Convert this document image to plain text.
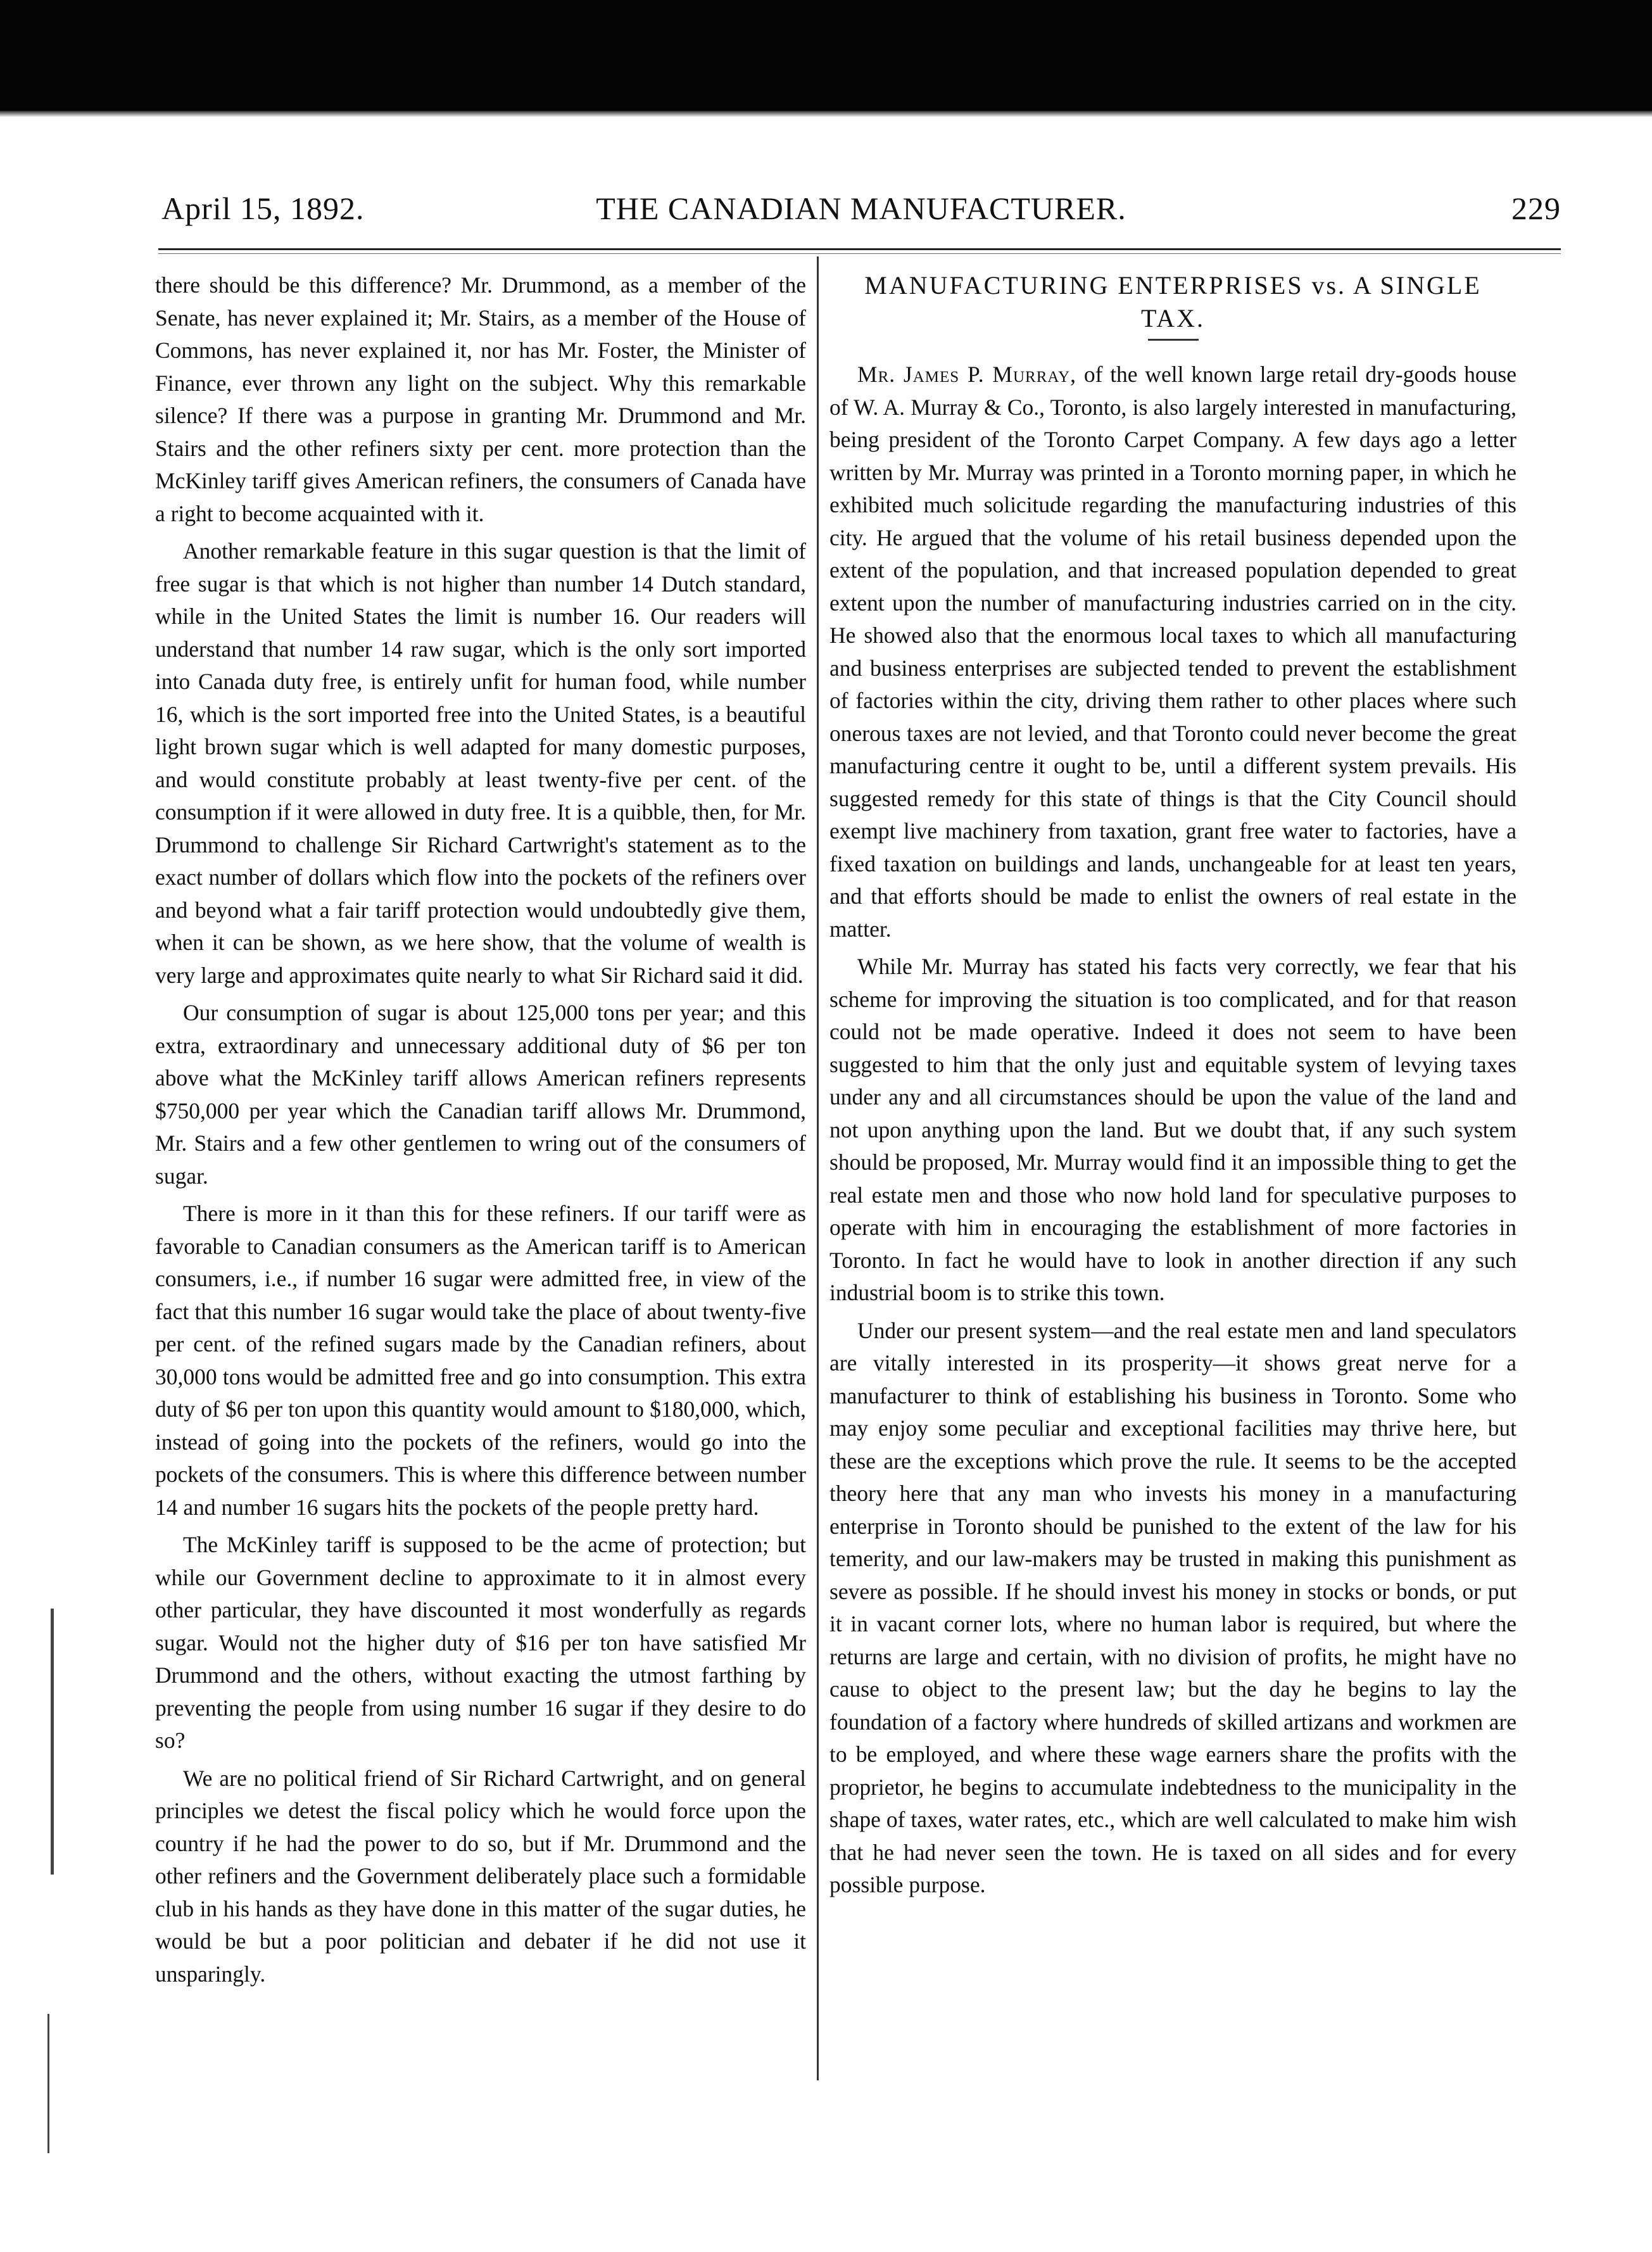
April 15, 1892.	THE CANADIAN MANUFACTURER.	229

there should be this difference? Mr. Drummond, as a member of the Senate, has never explained it; Mr. Stairs, as a member of the House of Commons, has never explained it, nor has Mr. Foster, the Minister of Finance, ever thrown any light on the subject. Why this remarkable silence? If there was a purpose in granting Mr. Drummond and Mr. Stairs and the other refiners sixty per cent. more protection than the McKinley tariff gives American refiners, the consumers of Canada have a right to become acquainted with it.

Another remarkable feature in this sugar question is that the limit of free sugar is that which is not higher than number 14 Dutch standard, while in the United States the limit is number 16. Our readers will understand that number 14 raw sugar, which is the only sort imported into Canada duty free, is entirely unfit for human food, while number 16, which is the sort imported free into the United States, is a beautiful light brown sugar which is well adapted for many domestic purposes, and would constitute probably at least twenty-five per cent. of the consumption if it were allowed in duty free. It is a quibble, then, for Mr. Drummond to challenge Sir Richard Cartwright's statement as to the exact number of dollars which flow into the pockets of the refiners over and beyond what a fair tariff protection would undoubtedly give them, when it can be shown, as we here show, that the volume of wealth is very large and approximates quite nearly to what Sir Richard said it did.

Our consumption of sugar is about 125,000 tons per year; and this extra, extraordinary and unnecessary additional duty of $6 per ton above what the McKinley tariff allows American refiners represents $750,000 per year which the Canadian tariff allows Mr. Drummond, Mr. Stairs and a few other gentlemen to wring out of the consumers of sugar.

There is more in it than this for these refiners. If our tariff were as favorable to Canadian consumers as the American tariff is to American consumers, i.e., if number 16 sugar were admitted free, in view of the fact that this number 16 sugar would take the place of about twenty-five per cent. of the refined sugars made by the Canadian refiners, about 30,000 tons would be admitted free and go into consumption. This extra duty of $6 per ton upon this quantity would amount to $180,000, which, instead of going into the pockets of the refiners, would go into the pockets of the consumers. This is where this difference between number 14 and number 16 sugars hits the pockets of the people pretty hard.

The McKinley tariff is supposed to be the acme of protection; but while our Government decline to approximate to it in almost every other particular, they have discounted it most wonderfully as regards sugar. Would not the higher duty of $16 per ton have satisfied Mr Drummond and the others, without exacting the utmost farthing by preventing the people from using number 16 sugar if they desire to do so?

We are no political friend of Sir Richard Cartwright, and on general principles we detest the fiscal policy which he would force upon the country if he had the power to do so, but if Mr. Drummond and the other refiners and the Government deliberately place such a formidable club in his hands as they have done in this matter of the sugar duties, he would be but a poor politician and debater if he did not use it unsparingly.

MANUFACTURING ENTERPRISES vs. A SINGLE
TAX.

Mr. James P. Murray, of the well known large retail dry-goods house of W. A. Murray & Co., Toronto, is also largely interested in manufacturing, being president of the Toronto Carpet Company. A few days ago a letter written by Mr. Murray was printed in a Toronto morning paper, in which he exhibited much solicitude regarding the manufacturing industries of this city. He argued that the volume of his retail business depended upon the extent of the population, and that increased population depended to great extent upon the number of manufacturing industries carried on in the city. He showed also that the enormous local taxes to which all manufacturing and business enterprises are subjected tended to prevent the establishment of factories within the city, driving them rather to other places where such onerous taxes are not levied, and that Toronto could never become the great manufacturing centre it ought to be, until a different system prevails. His suggested remedy for this state of things is that the City Council should exempt live machinery from taxation, grant free water to factories, have a fixed taxation on buildings and lands, unchangeable for at least ten years, and that efforts should be made to enlist the owners of real estate in the matter.

While Mr. Murray has stated his facts very correctly, we fear that his scheme for improving the situation is too complicated, and for that reason could not be made operative. Indeed it does not seem to have been suggested to him that the only just and equitable system of levying taxes under any and all circumstances should be upon the value of the land and not upon anything upon the land. But we doubt that, if any such system should be proposed, Mr. Murray would find it an impossible thing to get the real estate men and those who now hold land for speculative purposes to operate with him in encouraging the establishment of more factories in Toronto. In fact he would have to look in another direction if any such industrial boom is to strike this town.

Under our present system—and the real estate men and land speculators are vitally interested in its prosperity—it shows great nerve for a manufacturer to think of establishing his business in Toronto. Some who may enjoy some peculiar and exceptional facilities may thrive here, but these are the exceptions which prove the rule. It seems to be the accepted theory here that any man who invests his money in a manufacturing enterprise in Toronto should be punished to the extent of the law for his temerity, and our law-makers may be trusted in making this punishment as severe as possible. If he should invest his money in stocks or bonds, or put it in vacant corner lots, where no human labor is required, but where the returns are large and certain, with no division of profits, he might have no cause to object to the present law; but the day he begins to lay the foundation of a factory where hundreds of skilled artizans and workmen are to be employed, and where these wage earners share the profits with the proprietor, he begins to accumulate indebtedness to the municipality in the shape of taxes, water rates, etc., which are well calculated to make him wish that he had never seen the town. He is taxed on all sides and for every possible purpose.
